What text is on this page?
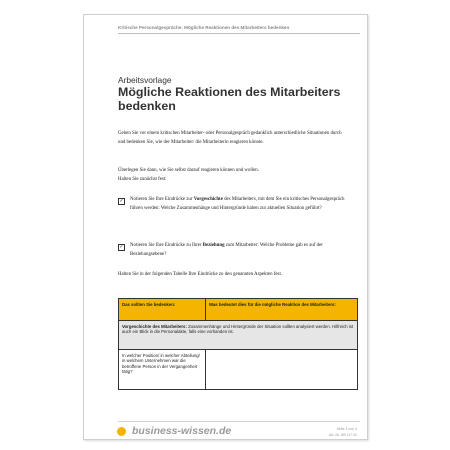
Kritische Personalgespräche: Mögliche Reaktionen des Mitarbeiters bedenken
Arbeitsvorlage
Mögliche Reaktionen des Mitarbeiters bedenken
Gehen Sie vor einem kritischen Mitarbeiter- oder Personalgespräch gedanklich unterschiedliche Situationen durch und bedenken Sie, wie der Mitarbeiter/ die Mitarbeiterin reagieren könnte.
Überlegen Sie dann, wie Sie selbst darauf reagieren können und wollen.
Halten Sie zunächst fest:
✓ Notieren Sie Ihre Eindrücke zur Vorgeschichte des Mitarbeiters, mit dem Sie ein kritisches Personalgespräch führen werden: Welche Zusammenhänge und Hintergründe haben zur aktuellen Situation geführt?
✓ Notieren Sie Ihre Eindrücke zu Ihrer Beziehung zum Mitarbeiter: Welche Probleme gab es auf der Beziehungsebene?
Halten Sie in der folgenden Tabelle Ihre Eindrücke zu den genannten Aspekten fest.
Das sollten Sie bedenken:	Was bedeutet dies für die mögliche Reaktion des Mitarbeiters:
Vorgeschichte des Mitarbeiters: Zusammenhänge und Hintergründe der Situation sollten analysiert werden. Hilfreich ist auch ein Blick in die Personalakte, falls eine vorhanden ist.	
In welcher Position/ in welcher Abteilung/ in welchem Unternehmen war die betroffene Person in der Vergangenheit tätig?	
business-wissen.de	Seite 1 von 4
Art.-Nr. SB 117.02
